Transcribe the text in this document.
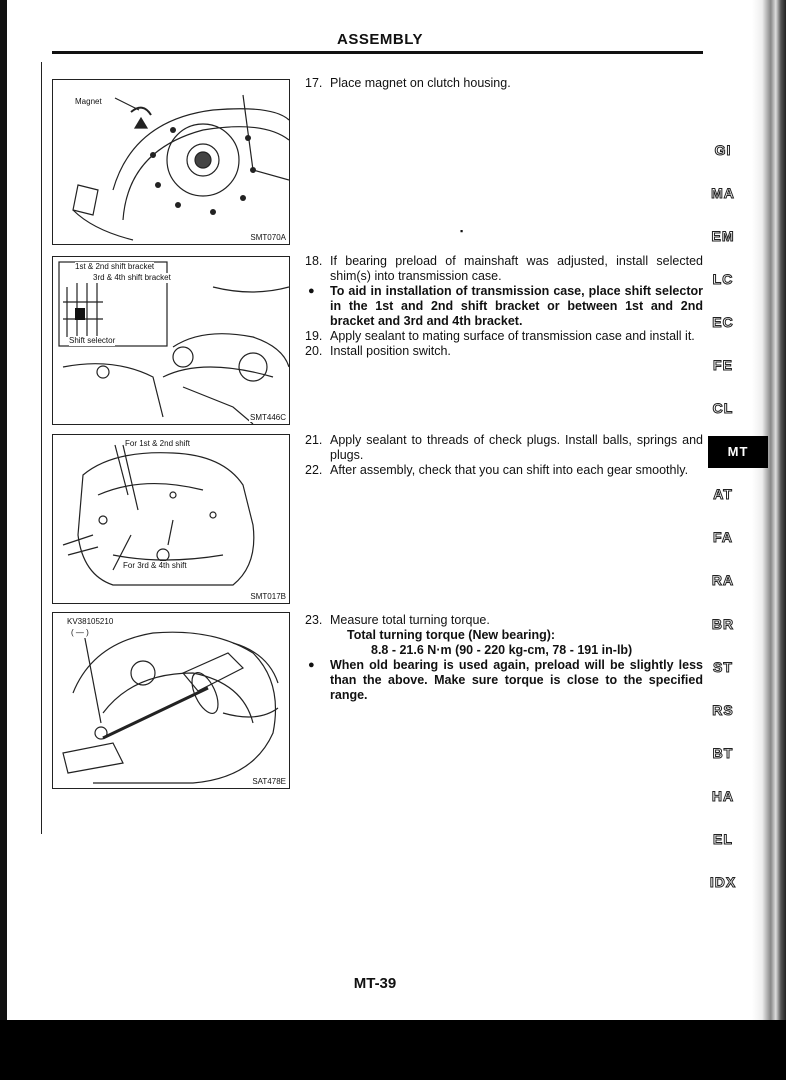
ASSEMBLY
Magnet
SMT070A
1st & 2nd shift bracket
3rd & 4th shift bracket
Shift selector
SMT446C
For 1st & 2nd shift
For 3rd & 4th shift
SMT017B
KV38105210
( — )
SAT478E
17. Place magnet on clutch housing.
▪
18. If bearing preload of mainshaft was adjusted, install selected shim(s) into transmission case.
● To aid in installation of transmission case, place shift selector in the 1st and 2nd shift bracket or between 1st and 2nd bracket and 3rd and 4th bracket.
19. Apply sealant to mating surface of transmission case and install it.
20. Install position switch.
21. Apply sealant to threads of check plugs. Install balls, springs and plugs.
22. After assembly, check that you can shift into each gear smoothly.
23. Measure total turning torque.
Total turning torque (New bearing):
8.8 - 21.6 N·m (90 - 220 kg-cm, 78 - 191 in-lb)
● When old bearing is used again, preload will be slightly less than the above. Make sure torque is close to the specified range.
GI
MA
EM
LC
EC
FE
CL
MT
AT
FA
RA
BR
ST
RS
BT
HA
EL
IDX
MT-39
